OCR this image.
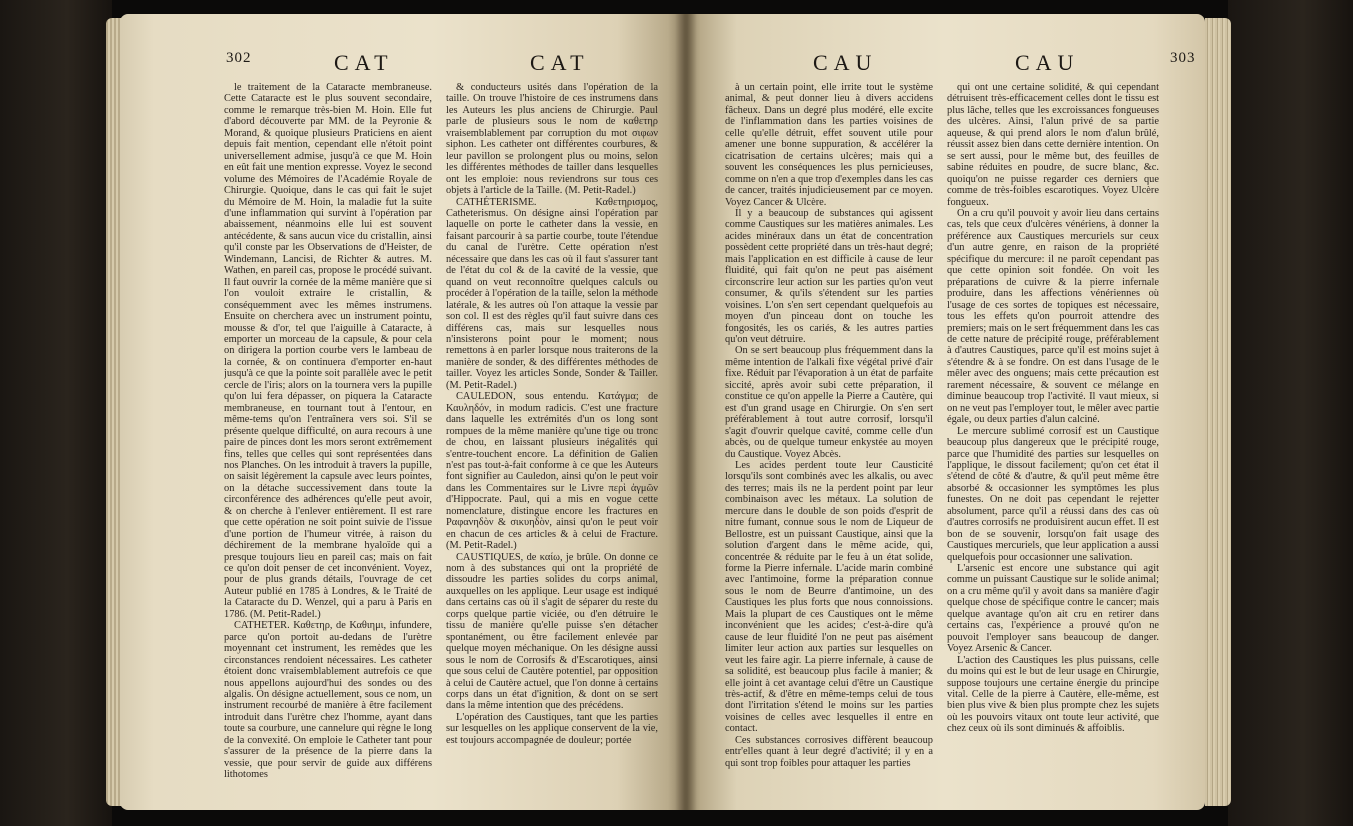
302	CAT	CAT

le traitement de la Cataracte membraneuse. Cette Cataracte est le plus souvent secondaire, comme le remarque très-bien M. Hoin. Elle fut d'abord découverte par MM. de la Peyronie & Morand, & quoique plusieurs Praticiens en aient depuis fait mention, cependant elle n'étoit point universellement admise, jusqu'à ce que M. Hoin en eût fait une mention expresse. Voyez le second volume des Mémoires de l'Académie Royale de Chirurgie. Quoique, dans le cas qui fait le sujet du Mémoire de M. Hoin, la maladie fut la suite d'une inflammation qui survint à l'opération par abaissement, néanmoins elle lui est souvent antécédente, & sans aucun vice du cristallin, ainsi qu'il conste par les Observations de d'Heister, de Windemann, Lancisi, de Richter & autres. M. Wathen, en pareil cas, propose le procédé suivant. Il faut ouvrir la cornée de la même manière que si l'on vouloit extraire le cristallin, & conséquemment avec les mêmes instrumens. Ensuite on cherchera avec un instrument pointu, mousse & d'or, tel que l'aiguille à Cataracte, à emporter un morceau de la capsule, & pour cela on dirigera la portion courbe vers le lambeau de la cornée, & on continuera d'emporter en-haut jusqu'à ce que la pointe soit parallèle avec le petit cercle de l'iris; alors on la tournera vers la pupille qu'on lui fera dépasser, on piquera la Cataracte membraneuse, en tournant tout à l'entour, en même-tems qu'on l'entraînera vers soi. S'il se présente quelque difficulté, on aura recours à une paire de pinces dont les mors seront extrêmement fins, telles que celles qui sont représentées dans nos Planches. On les introduit à travers la pupille, on saisit légèrement la capsule avec leurs pointes, on la détache successivement dans toute la circonférence des adhérences qu'elle peut avoir, & on cherche à l'enlever entièrement. Il est rare que cette opération ne soit point suivie de l'issue d'une portion de l'humeur vitrée, à raison du déchirement de la membrane hyaloïde qui a presque toujours lieu en pareil cas; mais on fait ce qu'on doit penser de cet inconvénient. Voyez, pour de plus grands détails, l'ouvrage de cet Auteur publié en 1785 à Londres, & le Traité de la Cataracte du D. Wenzel, qui a paru à Paris en 1786. (M. Petit-Radel.)

CATHETER. Καθετηρ, de Καθιημι, infundere, parce qu'on portoit au-dedans de l'urètre moyennant cet instrument, les remèdes que les circonstances rendoient nécessaires. Les catheter étoient donc vraisemblablement autrefois ce que nous appellons aujourd'hui des sondes ou des algalis. On désigne actuellement, sous ce nom, un instrument recourbé de manière à être facilement introduit dans l'urètre chez l'homme, ayant dans toute sa courbure, une cannelure qui règne le long de la convexité. On emploie le Catheter tant pour s'assurer de la présence de la pierre dans la vessie, que pour servir de guide aux différens lithotomes

& conducteurs usités dans l'opération de la taille. On trouve l'histoire de ces instrumens dans les Auteurs les plus anciens de Chirurgie. Paul parle de plusieurs sous le nom de καθετηρ vraisemblablement par corruption du mot σιφων siphon. Les catheter ont différentes courbures, & leur pavillon se prolongent plus ou moins, selon les différentes méthodes de tailler dans lesquelles ont les emploie: nous reviendrons sur tous ces objets à l'article de la Taille. (M. Petit-Radel.)

CATHÉTERISME. Καθετηρισμος, Catheterismus. On désigne ainsi l'opération par laquelle on porte le catheter dans la vessie, en faisant parcourir à sa partie courbe, toute l'étendue du canal de l'urètre. Cette opération n'est nécessaire que dans les cas où il faut s'assurer tant de l'état du col & de la cavité de la vessie, que quand on veut reconnoître quelques calculs ou procéder à l'opération de la taille, selon la méthode latérale, & les autres où l'on attaque la vessie par son col. Il est des règles qu'il faut suivre dans ces différens cas, mais sur lesquelles nous n'insisterons point pour le moment; nous remettons à en parler lorsque nous traiterons de la manière de sonder, & des différentes méthodes de tailler. Voyez les articles Sonde, Sonder & Tailler. (M. Petit-Radel.)

CAULEDON, sous entendu. Κατάγμα; de Καυληδόν, in modum radicis. C'est une fracture dans laquelle les extrémités d'un os long sont rompues de la même manière qu'une tige ou tronc de chou, en laissant plusieurs inégalités qui s'entre-touchent encore. La définition de Galien n'est pas tout-à-fait conforme à ce que les Auteurs font signifier au Cauledon, ainsi qu'on le peut voir dans les Commentaires sur le Livre περὶ ἀγμῶν d'Hippocrate. Paul, qui a mis en vogue cette nomenclature, distingue encore les fractures en Ραφανηδὸν & σικυηδὸν, ainsi qu'on le peut voir en chacun de ces articles & à celui de Fracture. (M. Petit-Radel.)

CAUSTIQUES, de καίω, je brûle. On donne ce nom à des substances qui ont la propriété de dissoudre les parties solides du corps animal, auxquelles on les applique. Leur usage est indiqué dans certains cas où il s'agit de séparer du reste du corps quelque partie viciée, ou d'en détruire le tissu de manière qu'elle puisse s'en détacher spontanément, ou être facilement enlevée par quelque moyen méchanique. On les désigne aussi sous le nom de Corrosifs & d'Escarotiques, ainsi que sous celui de Cautère potentiel, par opposition à celui de Cautère actuel, que l'on donne à certains corps dans un état d'ignition, & dont on se sert dans la même intention que des précédens.

L'opération des Caustiques, tant que les parties sur lesquelles on les applique conservent de la vie, est toujours accompagnée de douleur; portée

CAU	CAU	303

à un certain point, elle irrite tout le système animal, & peut donner lieu à divers accidens fâcheux. Dans un degré plus modéré, elle excite de l'inflammation dans les parties voisines de celle qu'elle détruit, effet souvent utile pour amener une bonne suppuration, & accélérer la cicatrisation de certains ulcères; mais qui a souvent les conséquences les plus pernicieuses, comme on n'en a que trop d'exemples dans les cas de cancer, traités injudicieusement par ce moyen. Voyez Cancer & Ulcère.

Il y a beaucoup de substances qui agissent comme Caustiques sur les matières animales. Les acides minéraux dans un état de concentration possèdent cette propriété dans un très-haut degré; mais l'application en est difficile à cause de leur fluidité, qui fait qu'on ne peut pas aisément circonscrire leur action sur les parties qu'on veut consumer, & qu'ils s'étendent sur les parties voisines. L'on s'en sert cependant quelquefois au moyen d'un pinceau dont on touche les fongosités, les os cariés, & les autres parties qu'on veut détruire.

On se sert beaucoup plus fréquemment dans la même intention de l'alkali fixe végétal privé d'air fixe. Réduit par l'évaporation à un état de parfaite siccité, après avoir subi cette préparation, il constitue ce qu'on appelle la Pierre a Cautère, qui est d'un grand usage en Chirurgie. On s'en sert préférablement à tout autre corrosif, lorsqu'il s'agit d'ouvrir quelque cavité, comme celle d'un abcès, ou de quelque tumeur enkystée au moyen du Caustique. Voyez Abcès.

Les acides perdent toute leur Causticité lorsqu'ils sont combinés avec les alkalis, ou avec des terres; mais ils ne la perdent point par leur combinaison avec les métaux. La solution de mercure dans le double de son poids d'esprit de nitre fumant, connue sous le nom de Liqueur de Bellostre, est un puissant Caustique, ainsi que la solution d'argent dans le même acide, qui, concentrée & réduite par le feu à un état solide, forme la Pierre infernale. L'acide marin combiné avec l'antimoine, forme la préparation connue sous le nom de Beurre d'antimoine, un des Caustiques les plus forts que nous connoissions. Mais la plupart de ces Caustiques ont le même inconvénient que les acides; c'est-à-dire qu'à cause de leur fluidité l'on ne peut pas aisément limiter leur action aux parties sur lesquelles on veut les faire agir. La pierre infernale, à cause de sa solidité, est beaucoup plus facile à manier; & elle joint à cet avantage celui d'être un Caustique très-actif, & d'être en même-temps celui de tous dont l'irritation s'étend le moins sur les parties voisines de celles avec lesquelles il entre en contact.

Ces substances corrosives diffèrent beaucoup entr'elles quant à leur degré d'activité; il y en a qui sont trop foibles pour attaquer les parties

qui ont une certaine solidité, & qui cependant détruisent très-efficacement celles dont le tissu est plus lâche, telles que les excroissances fongueuses des ulcères. Ainsi, l'alun privé de sa partie aqueuse, & qui prend alors le nom d'alun brûlé, réussit assez bien dans cette dernière intention. On se sert aussi, pour le même but, des feuilles de sabine réduites en poudre, de sucre blanc, &c. quoiqu'on ne puisse regarder ces derniers que comme de très-foibles escarotiques. Voyez Ulcère fongueux.

On a cru qu'il pouvoit y avoir lieu dans certains cas, tels que ceux d'ulcères vénériens, à donner la préférence aux Caustiques mercuriels sur ceux d'un autre genre, en raison de la propriété spécifique du mercure: il ne paroît cependant pas que cette opinion soit fondée. On voit les préparations de cuivre & la pierre infernale produire, dans les affections vénériennes où l'usage de ces sortes de topiques est nécessaire, tous les effets qu'on pourroit attendre des premiers; mais on le sert fréquemment dans les cas de cette nature de précipité rouge, préférablement à d'autres Caustiques, parce qu'il est moins sujet à s'étendre & à se fondre. On est dans l'usage de le mêler avec des onguens; mais cette précaution est rarement nécessaire, & souvent ce mélange en diminue beaucoup trop l'activité. Il vaut mieux, si on ne veut pas l'employer tout, le mêler avec partie égale, ou deux parties d'alun calciné.

Le mercure sublimé corrosif est un Caustique beaucoup plus dangereux que le précipité rouge, parce que l'humidité des parties sur lesquelles on l'applique, le dissout facilement; qu'on cet état il s'étend de côté & d'autre, & qu'il peut même être absorbé & occasionner les symptômes les plus funestes. On ne doit pas cependant le rejetter absolument, parce qu'il a réussi dans des cas où d'autres corrosifs ne produisirent aucun effet. Il est bon de se souvenir, lorsqu'on fait usage des Caustiques mercuriels, que leur application a aussi quelquefois pour occasionner une salivation.

L'arsenic est encore une substance qui agit comme un puissant Caustique sur le solide animal; on a cru même qu'il y avoit dans sa manière d'agir quelque chose de spécifique contre le cancer; mais quelque avantage qu'on ait cru en retirer dans certains cas, l'expérience a prouvé qu'on ne pouvoit l'employer sans beaucoup de danger. Voyez Arsenic & Cancer.

L'action des Caustiques les plus puissans, celle du moins qui est le but de leur usage en Chirurgie, suppose toujours une certaine énergie du principe vital. Celle de la pierre à Cautère, elle-même, est bien plus vive & bien plus prompte chez les sujets où les pouvoirs vitaux ont toute leur activité, que chez ceux où ils sont diminués & affoiblis.
